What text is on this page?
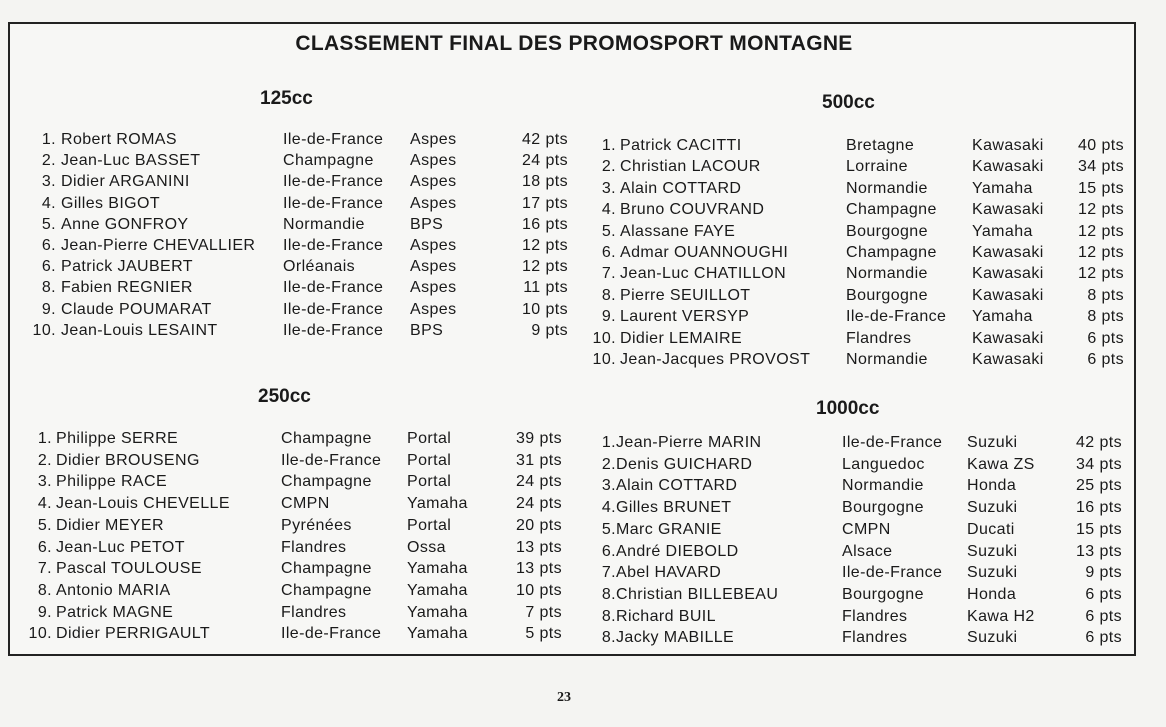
CLASSEMENT FINAL DES PROMOSPORT MONTAGNE
125cc
1. Robert ROMAS	Ile-de-France Aspes	42 pts
2. Jean-Luc BASSET	Champagne Aspes	24 pts
3. Didier ARGANINI	Ile-de-France Aspes	18 pts
4. Gilles BIGOT	Ile-de-France Aspes	17 pts
5. Anne GONFROY	Normandie	BPS	16 pts
6. Jean-Pierre CHEVALLIER Ile-de-France Aspes	12 pts
6. Patrick JAUBERT	Orléanais	Aspes	12 pts
8. Fabien REGNIER	Ile-de-France Aspes	11 pts
9. Claude POUMARAT	Ile-de-France Aspes	10 pts
10. Jean-Louis LESAINT	Ile-de-France BPS	9 pts
500cc
1. Patrick CACITTI	Bretagne	Kawasaki	40 pts
2. Christian LACOUR	Lorraine	Kawasaki	34 pts
3. Alain COTTARD	Normandie	Yamaha	15 pts
4. Bruno COUVRAND	Champagne Kawasaki	12 pts
5. Alassane FAYE	Bourgogne	Yamaha	12 pts
6. Admar OUANNOUGHI	Champagne Kawasaki	12 pts
7. Jean-Luc CHATILLON	Normandie	Kawasaki	12 pts
8. Pierre SEUILLOT	Bourgogne	Kawasaki	8 pts
9. Laurent VERSYP	Ile-de-France Yamaha	8 pts
10. Didier LEMAIRE	Flandres	Kawasaki	6 pts
10. Jean-Jacques PROVOST Normandie	Kawasaki	6 pts
250cc
1. Philippe SERRE	Champagne Portal	39 pts
2. Didier BROUSENG	Ile-de-France Portal	31 pts
3. Philippe RACE	Champagne Portal	24 pts
4. Jean-Louis CHEVELLE	CMPN	Yamaha	24 pts
5. Didier MEYER	Pyrénées	Portal	20 pts
6. Jean-Luc PETOT	Flandres	Ossa	13 pts
7. Pascal TOULOUSE	Champagne Yamaha	13 pts
8. Antonio MARIA	Champagne Yamaha	10 pts
9. Patrick MAGNE	Flandres	Yamaha	7 pts
10. Didier PERRIGAULT	Ile-de-France Yamaha	5 pts
1000cc
1. Jean-Pierre MARIN	Ile-de-France Suzuki	42 pts
2. Denis GUICHARD	Languedoc	Kawa ZS	34 pts
3. Alain COTTARD	Normandie	Honda	25 pts
4. Gilles BRUNET	Bourgogne	Suzuki	16 pts
5. Marc GRANIE	CMPN	Ducati	15 pts
6. André DIEBOLD	Alsace	Suzuki	13 pts
7. Abel HAVARD	Ile-de-France Suzuki	9 pts
8. Christian BILLEBEAU	Bourgogne	Honda	6 pts
8. Richard BUIL	Flandres	Kawa H2	6 pts
8. Jacky MABILLE	Flandres	Suzuki	6 pts
23
